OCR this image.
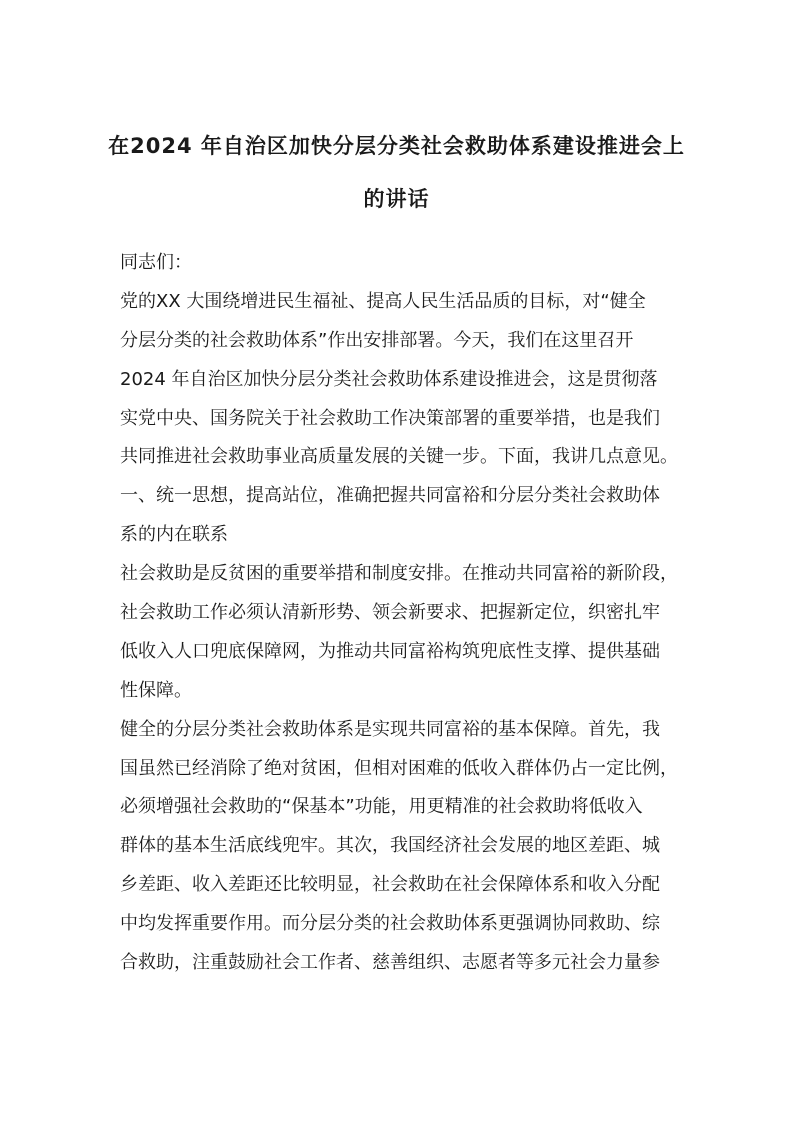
在2024 年自治区加快分层分类社会救助体系建设推进会上
的讲话
同志们：
党的XX 大围绕增进民生福祉、提高人民生活品质的目标，对“健全
分层分类的社会救助体系”作出安排部署。今天，我们在这里召开
2024 年自治区加快分层分类社会救助体系建设推进会，这是贯彻落
实党中央、国务院关于社会救助工作决策部署的重要举措，也是我们
共同推进社会救助事业高质量发展的关键一步。下面，我讲几点意见。
一、统一思想，提高站位，准确把握共同富裕和分层分类社会救助体
系的内在联系
社会救助是反贫困的重要举措和制度安排。在推动共同富裕的新阶段，
社会救助工作必须认清新形势、领会新要求、把握新定位，织密扎牢
低收入人口兜底保障网，为推动共同富裕构筑兜底性支撑、提供基础
性保障。
健全的分层分类社会救助体系是实现共同富裕的基本保障。首先，我
国虽然已经消除了绝对贫困，但相对困难的低收入群体仍占一定比例，
必须增强社会救助的“保基本”功能，用更精准的社会救助将低收入
群体的基本生活底线兜牢。其次，我国经济社会发展的地区差距、城
乡差距、收入差距还比较明显，社会救助在社会保障体系和收入分配
中均发挥重要作用。而分层分类的社会救助体系更强调协同救助、综
合救助，注重鼓励社会工作者、慈善组织、志愿者等多元社会力量参
